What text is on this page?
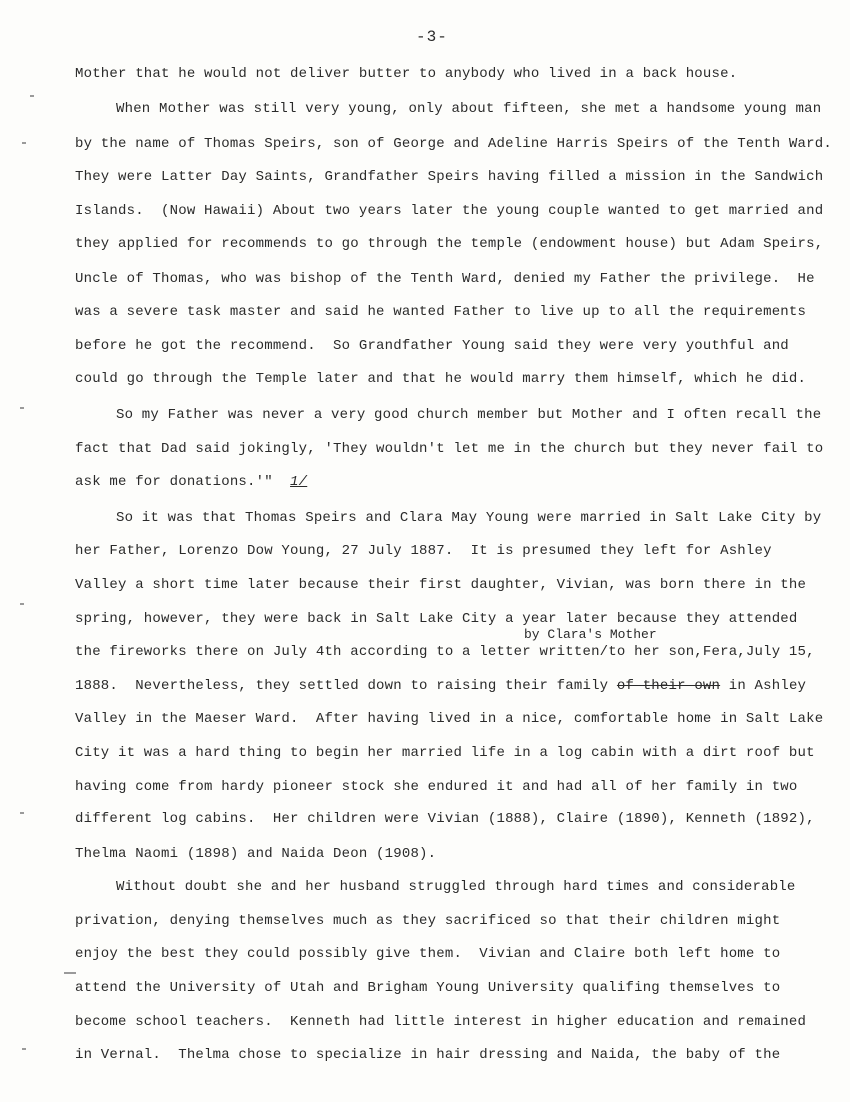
-3-
Mother that he would not deliver butter to anybody who lived in a back house.
When Mother was still very young, only about fifteen, she met a handsome young man
by the name of Thomas Speirs, son of George and Adeline Harris Speirs of the Tenth Ward.
They were Latter Day Saints, Grandfather Speirs having filled a mission in the Sandwich
Islands.  (Now Hawaii) About two years later the young couple wanted to get married and
they applied for recommends to go through the temple (endowment house) but Adam Speirs,
Uncle of Thomas, who was bishop of the Tenth Ward, denied my Father the privilege.  He
was a severe task master and said he wanted Father to live up to all the requirements
before he got the recommend.  So Grandfather Young said they were very youthful and
could go through the Temple later and that he would marry them himself, which he did.
So my Father was never a very good church member but Mother and I often recall the
fact that Dad said jokingly, 'They wouldn't let me in the church but they never fail to
ask me for donations.'" 1/
So it was that Thomas Speirs and Clara May Young were married in Salt Lake City by
her Father, Lorenzo Dow Young, 27 July 1887.  It is presumed they left for Ashley
Valley a short time later because their first daughter, Vivian, was born there in the
spring, however, they were back in Salt Lake City a year later because they attended
by Clara's Mother
the fireworks there on July 4th according to a letter written/to her son,Fera,July 15,
1888.  Nevertheless, they settled down to raising their family of their own in Ashley
Valley in the Maeser Ward.  After having lived in a nice, comfortable home in Salt Lake
City it was a hard thing to begin her married life in a log cabin with a dirt roof but
having come from hardy pioneer stock she endured it and had all of her family in two
different log cabins.  Her children were Vivian (1888), Claire (1890), Kenneth (1892),
Thelma Naomi (1898) and Naida Deon (1908).
Without doubt she and her husband struggled through hard times and considerable
privation, denying themselves much as they sacrificed so that their children might
enjoy the best they could possibly give them.  Vivian and Claire both left home to
attend the University of Utah and Brigham Young University qualifing themselves to
become school teachers.  Kenneth had little interest in higher education and remained
in Vernal.  Thelma chose to specialize in hair dressing and Naida, the baby of the
